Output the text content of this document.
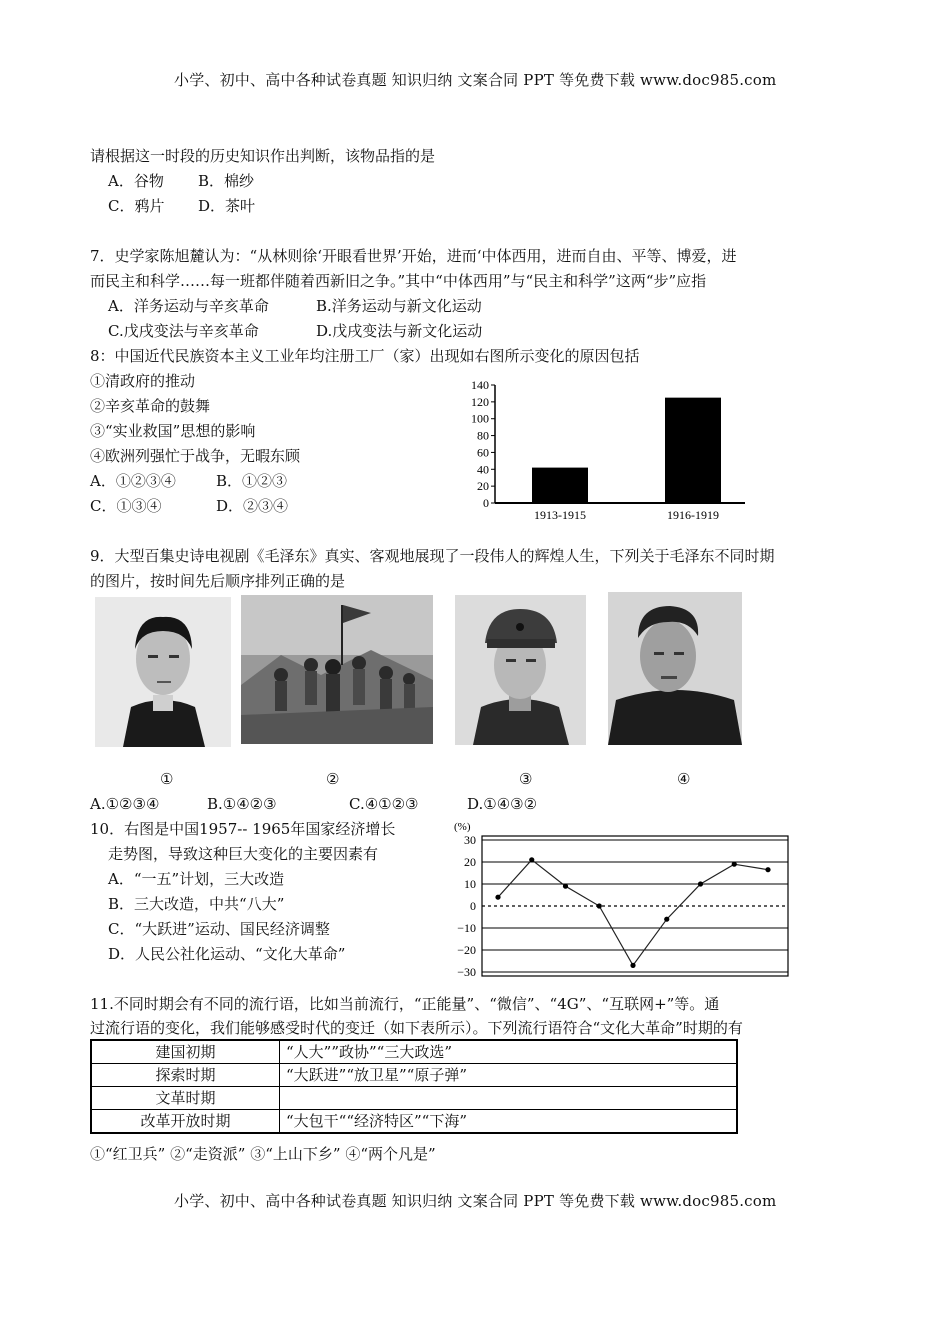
小学、初中、高中各种试卷真题 知识归纳 文案合同 PPT 等免费下载 www.doc985.com
请根据这一时段的历史知识作出判断，该物品指的是
A．谷物 B．棉纱
C．鸦片 D．茶叶
7．史学家陈旭麓认为：“从林则徐‘开眼看世界’开始，进而‘中体西用，进而自由、平等、博爱，进
而民主和科学……每一班都伴随着西新旧之争。”其中“中体西用”与“民主和科学”这两“步”应指
A．洋务运动与辛亥革命	B.洋务运动与新文化运动
C.戊戌变法与辛亥革命	D.戊戌变法与新文化运动
8：中国近代民族资本主义工业年均注册工厂（家）出现如右图所示变化的原因包括
①清政府的推动
②辛亥革命的鼓舞
③“实业救国”思想的影响
④欧洲列强忙于战争，无暇东顾
A．①②③④	B．①②③
C．①③④	D．②③④	0
20
40
60
80
100
120
140
1913-1915	1916-1919
9．大型百集史诗电视剧《毛泽东》真实、客观地展现了一段伟人的辉煌人生，下列关于毛泽东不同时期
的图片，按时间先后顺序排列正确的是
①	②	③	④
A.①②③④	B.①④②③	C.④①②③	D.①④③②
10．右图是中国1957-- 1965年国家经济增长
走势图，导致这种巨大变化的主要因素有
A．“一五”计划，三大改造
B．三大改造，中共“八大”
C．“大跃进”运动、国民经济调整
D．人民公社化运动、“文化大革命”
(%)
30
20
10
0
−10
−20
−30
11.不同时期会有不同的流行语，比如当前流行，“正能量”、“微信”、“4G”、“互联网+”等。通
过流行语的变化，我们能够感受时代的变迁（如下表所示）。下列流行语符合“文化大革命”时期的有
建国初期	“人大””政协”“三大政选”
探索时期	“大跃进”“放卫星”“原子弹”
文革时期	
改革开放时期	“大包干““经济特区”“下海”
①“红卫兵” ②“走资派” ③“上山下乡” ④“两个凡是”
小学、初中、高中各种试卷真题 知识归纳 文案合同 PPT 等免费下载 www.doc985.com
